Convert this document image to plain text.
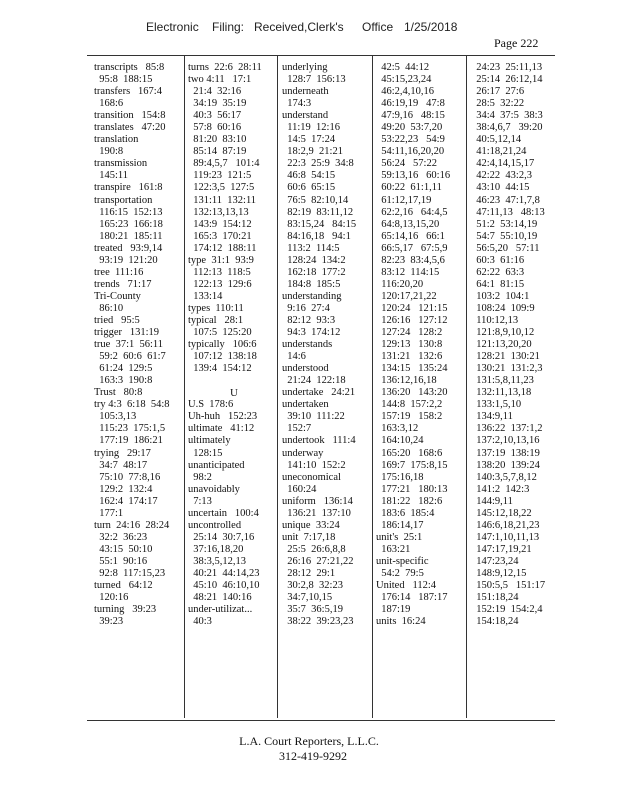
Electronic Filing: Received,Clerk's Office 1/25/2018
Page 222
transcripts   85:8
95:8  188:15
transfers   167:4
168:6
transition   154:8
translates   47:20
translation
190:8
transmission
145:11
transpire   161:8
transportation
116:15  152:13
165:23  166:18
180:21  185:11
treated   93:9,14
93:19  121:20
tree  111:16
trends   71:17
Tri-County
86:10
tried   95:5
trigger   131:19
true  37:1  56:11
59:2  60:6  61:7
61:24  129:5
163:3  190:8
Trust   80:8
try 4:3  6:18  54:8
105:3,13
115:23  175:1,5
177:19  186:21
trying   29:17
34:7  48:17
75:10  77:8,16
129:2  132:4
162:4  174:17
177:1
turn  24:16  28:24
32:2  36:23
43:15  50:10
55:1  90:16
92:8  117:15,23
turned   64:12
120:16
turning   39:23
39:23
turns  22:6  28:11
two 4:11   17:1
21:4  32:16
34:19  35:19
40:3  56:17
57:8  60:16
81:20  83:10
85:14  87:19
89:4,5,7   101:4
119:23  121:5
122:3,5  127:5
131:11  132:11
132:13,13,13
143:9  154:12
165:3  170:21
174:12  188:11
type  31:1  93:9
112:13  118:5
122:13  129:6
133:14
types  110:11
typical   28:1
107:5  125:20
typically   106:6
107:12  138:18
139:4  154:12
U
U.S  178:6
Uh-huh   152:23
ultimate   41:12
ultimately
128:15
unanticipated
98:2
unavoidably
7:13
uncertain   100:4
uncontrolled
25:14  30:7,16
37:16,18,20
38:3,5,12,13
40:21  44:14,23
45:10  46:10,10
48:21  140:16
under-utilizat...
40:3
underlying
128:7  156:13
underneath
174:3
understand
11:19  12:16
14:5  17:24
18:2,9  21:21
22:3  25:9  34:8
46:8  54:15
60:6  65:15
76:5  82:10,14
82:19  83:11,12
83:15,24   84:15
84:16,18   94:1
113:2  114:5
128:24  134:2
162:18  177:2
184:8  185:5
understanding
9:16  27:4
82:12  93:3
94:3  174:12
understands
14:6
understood
21:24  122:18
undertake   24:21
undertaken
39:10  111:22
152:7
undertook   111:4
underway
141:10  152:2
uneconomical
160:24
uniform   136:14
136:21  137:10
unique  33:24
unit  7:17,18
25:5  26:6,8,8
26:16  27:21,22
28:12  29:1
30:2,8  32:23
34:7,10,15
35:7  36:5,19
38:22  39:23,23
42:5  44:12
45:15,23,24
46:2,4,10,16
46:19,19   47:8
47:9,16   48:15
49:20  53:7,20
53:22,23   54:9
54:11,16,20,20
56:24   57:22
59:13,16   60:16
60:22  61:1,11
61:12,17,19
62:2,16   64:4,5
64:8,13,15,20
65:14,16   66:1
66:5,17   67:5,9
82:23  83:4,5,6
83:12  114:15
116:20,20
120:17,21,22
120:24   121:15
126:16   127:12
127:24   128:2
129:13   130:8
131:21   132:6
134:15   135:24
136:12,16,18
136:20   143:20
144:8  157:2,2
157:19   158:2
163:3,12
164:10,24
165:20   168:6
169:7  175:8,15
175:16,18
177:21   180:13
181:22   182:6
183:6  185:4
186:14,17
unit's  25:1
163:21
unit-specific
54:2  79:5
United   112:4
176:14   187:17
187:19
units  16:24
24:23  25:11,13
25:14  26:12,14
26:17  27:6
28:5  32:22
34:4  37:5  38:3
38:4,6,7   39:20
40:5,12,14
41:18,21,24
42:4,14,15,17
42:22  43:2,3
43:10  44:15
46:23  47:1,7,8
47:11,13   48:13
51:2  53:14,19
54:7  55:10,19
56:5,20   57:11
60:3  61:16
62:22  63:3
64:1  81:15
103:2  104:1
108:24  109:9
110:12,13
121:8,9,10,12
121:13,20,20
128:21  130:21
130:21  131:2,3
131:5,8,11,23
132:11,13,18
133:1,5,10
134:9,11
136:22  137:1,2
137:2,10,13,16
137:19  138:19
138:20  139:24
140:3,5,7,8,12
141:2  142:3
144:9,11
145:12,18,22
146:6,18,21,23
147:1,10,11,13
147:17,19,21
147:23,24
148:9,12,15
150:5,5   151:17
151:18,24
152:19  154:2,4
154:18,24
L.A. Court Reporters, L.L.C.
312-419-9292
